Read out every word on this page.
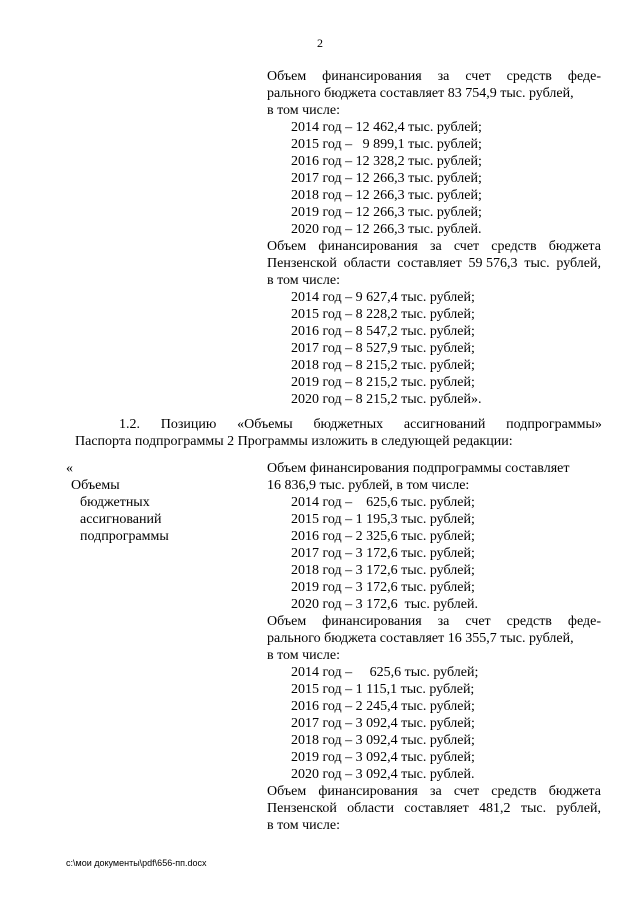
2
Объем финансирования за счет средств феде-
рального бюджета составляет 83 754,9 тыс. рублей,
в том числе:
2014 год – 12 462,4 тыс. рублей;
2015 год –   9 899,1 тыс. рублей;
2016 год – 12 328,2 тыс. рублей;
2017 год – 12 266,3 тыс. рублей;
2018 год – 12 266,3 тыс. рублей;
2019 год – 12 266,3 тыс. рублей;
2020 год – 12 266,3 тыс. рублей.
Объем финансирования за счет средств бюджета
Пензенской области составляет 59 576,3 тыс. рублей,
в том числе:
2014 год – 9 627,4 тыс. рублей;
2015 год – 8 228,2 тыс. рублей;
2016 год – 8 547,2 тыс. рублей;
2017 год – 8 527,9 тыс. рублей;
2018 год – 8 215,2 тыс. рублей;
2019 год – 8 215,2 тыс. рублей;
2020 год – 8 215,2 тыс. рублей».
1.2. Позицию «Объемы бюджетных ассигнований подпрограммы»
Паспорта подпрограммы 2 Программы изложить в следующей редакции:
«
Объемы
бюджетных
ассигнований
подпрограммы
Объем финансирования подпрограммы составляет
16 836,9 тыс. рублей, в том числе:
2014 год –    625,6 тыс. рублей;
2015 год – 1 195,3 тыс. рублей;
2016 год – 2 325,6 тыс. рублей;
2017 год – 3 172,6 тыс. рублей;
2018 год – 3 172,6 тыс. рублей;
2019 год – 3 172,6 тыс. рублей;
2020 год – 3 172,6  тыс. рублей.
Объем финансирования за счет средств феде-
рального бюджета составляет 16 355,7 тыс. рублей,
в том числе:
2014 год –     625,6 тыс. рублей;
2015 год – 1 115,1 тыс. рублей;
2016 год – 2 245,4 тыс. рублей;
2017 год – 3 092,4 тыс. рублей;
2018 год – 3 092,4 тыс. рублей;
2019 год – 3 092,4 тыс. рублей;
2020 год – 3 092,4 тыс. рублей.
Объем финансирования за счет средств бюджета
Пензенской области составляет 481,2 тыс. рублей,
в том числе:
c:\мои документы\pdf\656-пп.docx
